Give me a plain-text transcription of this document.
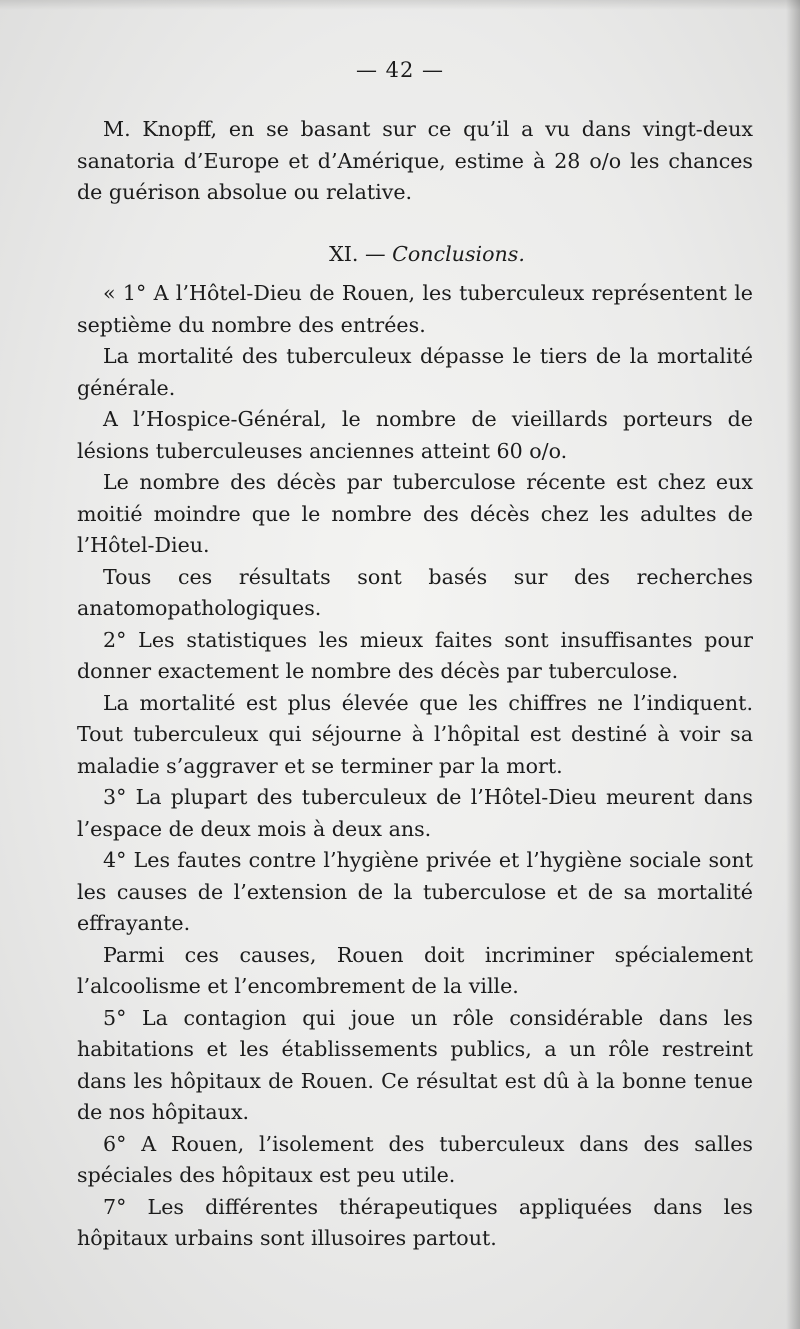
— 42 —

M. Knopff, en se basant sur ce qu’il a vu dans vingt-deux sanatoria d’Europe et d’Amérique, estime à 28 o/o les chances de guérison absolue ou relative.

XI. — Conclusions.

« 1° A l’Hôtel-Dieu de Rouen, les tuberculeux représentent le septième du nombre des entrées.

La mortalité des tuberculeux dépasse le tiers de la mortalité générale.

A l’Hospice-Général, le nombre de vieillards porteurs de lésions tuberculeuses anciennes atteint 60 o/o.

Le nombre des décès par tuberculose récente est chez eux moitié moindre que le nombre des décès chez les adultes de l’Hôtel-Dieu.

Tous ces résultats sont basés sur des recherches anatomopathologiques.

2° Les statistiques les mieux faites sont insuffisantes pour donner exactement le nombre des décès par tuberculose.

La mortalité est plus élevée que les chiffres ne l’indiquent. Tout tuberculeux qui séjourne à l’hôpital est destiné à voir sa maladie s’aggraver et se terminer par la mort.

3° La plupart des tuberculeux de l’Hôtel-Dieu meurent dans l’espace de deux mois à deux ans.

4° Les fautes contre l’hygiène privée et l’hygiène sociale sont les causes de l’extension de la tuberculose et de sa mortalité effrayante.

Parmi ces causes, Rouen doit incriminer spécialement l’alcoolisme et l’encombrement de la ville.

5° La contagion qui joue un rôle considérable dans les habitations et les établissements publics, a un rôle restreint dans les hôpitaux de Rouen. Ce résultat est dû à la bonne tenue de nos hôpitaux.

6° A Rouen, l’isolement des tuberculeux dans des salles spéciales des hôpitaux est peu utile.

7° Les différentes thérapeutiques appliquées dans les hôpitaux urbains sont illusoires partout.
